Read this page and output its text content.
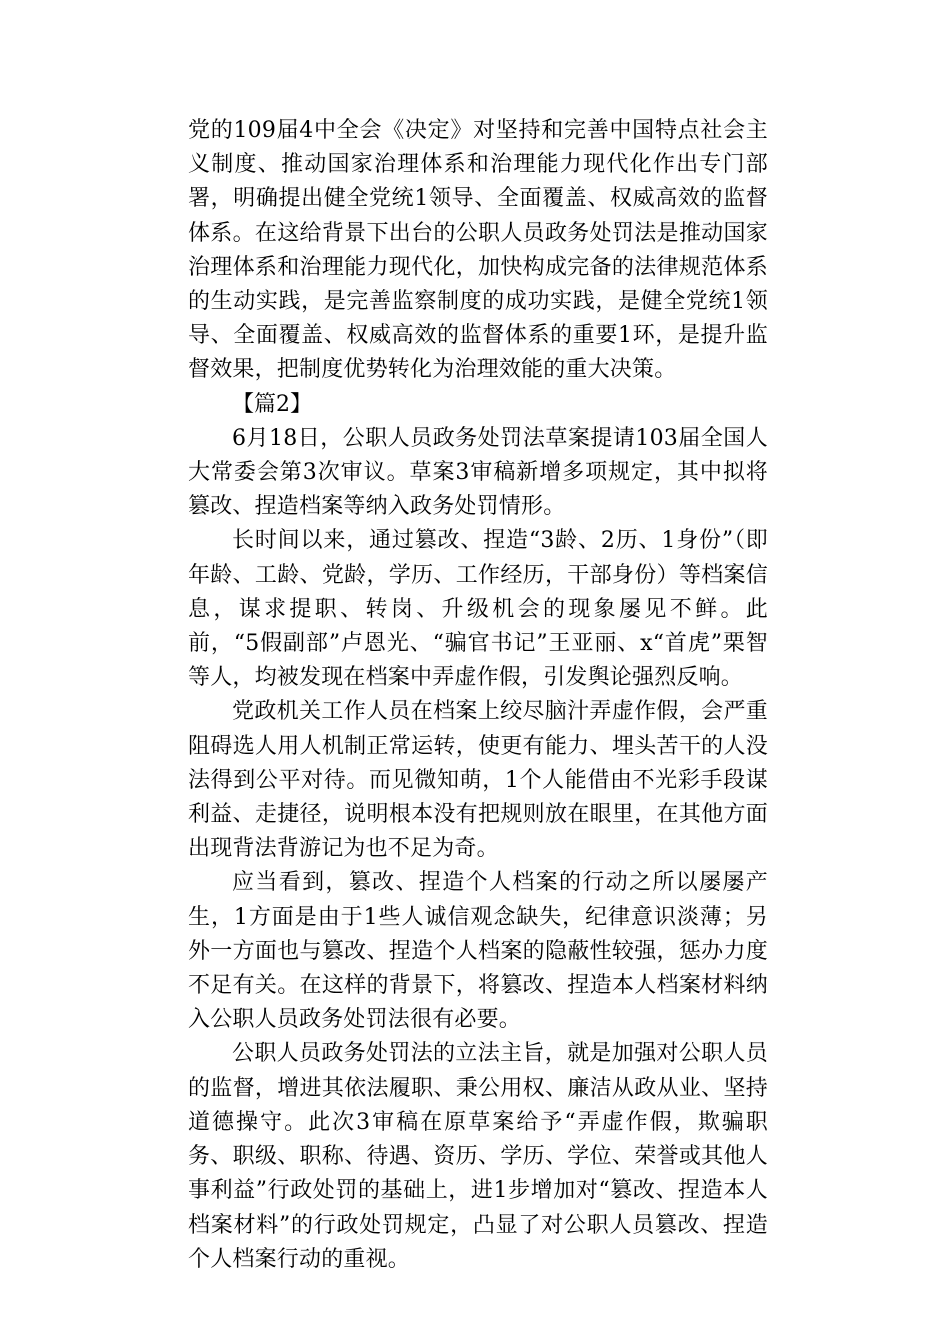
党的109届4中全会《决定》对坚持和完善中国特点社会主义制度、推动国家治理体系和治理能力现代化作出专门部署，明确提出健全党统1领导、全面覆盖、权威高效的监督体系。在这给背景下出台的公职人员政务处罚法是推动国家治理体系和治理能力现代化，加快构成完备的法律规范体系的生动实践，是完善监察制度的成功实践，是健全党统1领导、全面覆盖、权威高效的监督体系的重要1环，是提升监督效果，把制度优势转化为治理效能的重大决策。

【篇2】

6月18日，公职人员政务处罚法草案提请103届全国人大常委会第3次审议。草案3审稿新增多项规定，其中拟将篡改、捏造档案等纳入政务处罚情形。

长时间以来，通过篡改、捏造“3龄、2历、1身份”（即年龄、工龄、党龄，学历、工作经历，干部身份）等档案信息，谋求提职、转岗、升级机会的现象屡见不鲜。此前，“5假副部”卢恩光、“骗官书记”王亚丽、x“首虎”栗智等人，均被发现在档案中弄虚作假，引发舆论强烈反响。

党政机关工作人员在档案上绞尽脑汁弄虚作假，会严重阻碍选人用人机制正常运转，使更有能力、埋头苦干的人没法得到公平对待。而见微知萌，1个人能借由不光彩手段谋利益、走捷径，说明根本没有把规则放在眼里，在其他方面出现背法背游记为也不足为奇。

应当看到，篡改、捏造个人档案的行动之所以屡屡产生，1方面是由于1些人诚信观念缺失，纪律意识淡薄；另外一方面也与篡改、捏造个人档案的隐蔽性较强，惩办力度不足有关。在这样的背景下，将篡改、捏造本人档案材料纳入公职人员政务处罚法很有必要。

公职人员政务处罚法的立法主旨，就是加强对公职人员的监督，增进其依法履职、秉公用权、廉洁从政从业、坚持道德操守。此次3审稿在原草案给予“弄虚作假，欺骗职务、职级、职称、待遇、资历、学历、学位、荣誉或其他人事利益”行政处罚的基础上，进1步增加对“篡改、捏造本人档案材料”的行政处罚规定，凸显了对公职人员篡改、捏造个人档案行动的重视。
